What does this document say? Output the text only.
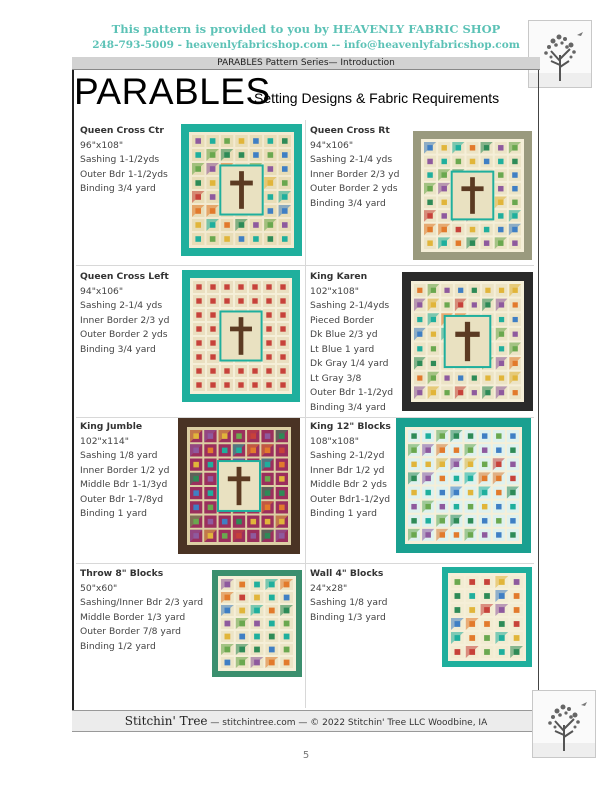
This pattern is provided to you by HEAVENLY FABRIC SHOP
248-793-5009 - heavenlyfabricshop.com -- info@heavenlyfabricshop.com
PARABLES Pattern Series— Introduction
PARABLES
Setting Designs & Fabric Requirements
Queen Cross Ctr
96"x108"
Sashing 1-1/2yds
Outer Bdr 1-1/2yds
Binding 3/4 yard
Queen Cross Rt
94"x106"
Sashing 2-1/4 yds
Inner Border 2/3 yd
Outer Border 2 yds
Binding 3/4 yard
Queen Cross Left
94"x106"
Sashing 2-1/4 yds
Inner Border 2/3 yd
Outer Border 2 yds
Binding 3/4 yard
King Karen
102"x108"
Sashing 2-1/4yds
Pieced Border
Dk Blue 2/3 yd
Lt Blue 1 yard
Dk Gray 1/4 yard
Lt Gray 3/8
Outer Bdr 1-1/2yd
Binding 3/4 yard
King Jumble
102"x114"
Sashing 1/8 yard
Inner Border 1/2 yd
Middle Bdr 1-1/3yd
Outer Bdr 1-7/8yd
Binding 1 yard
King 12" Blocks
108"x108"
Sashing 2-1/2yd
Inner Bdr 1/2 yd
Middle Bdr 2 yds
Outer Bdr1-1/2yd
Binding 1 yard
Throw 8" Blocks
50"x60"
Sashing/Inner Bdr 2/3 yard
Middle Border 1/3 yard
Outer Border 7/8 yard
Binding 1/2 yard
Wall 4" Blocks
24"x28"
Sashing 1/8 yard
Binding 1/3 yard
Stitchin' Tree — stitchintree.com — © 2022 Stitchin' Tree LLC Woodbine, IA
5
